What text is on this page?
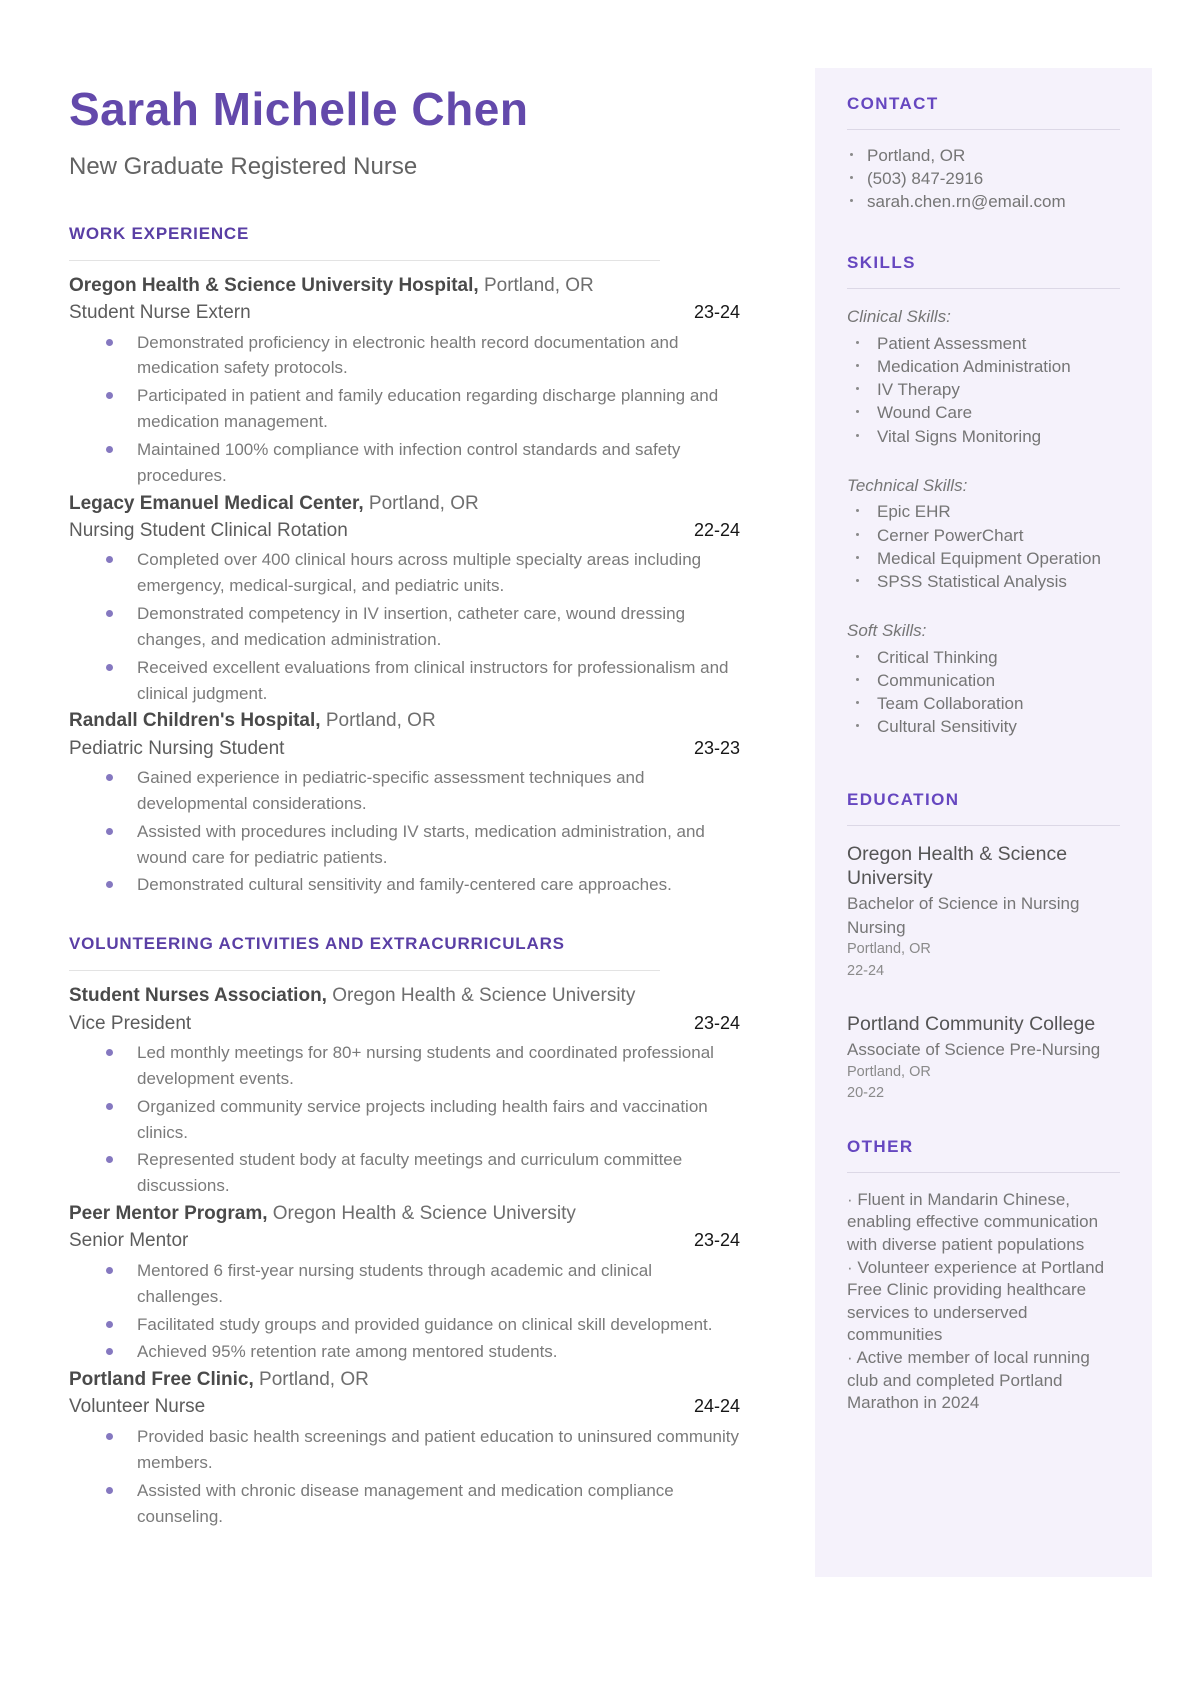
Sarah Michelle Chen
New Graduate Registered Nurse
WORK EXPERIENCE
Oregon Health & Science University Hospital, Portland, OR
Student Nurse Extern	23-24
Demonstrated proficiency in electronic health record documentation and medication safety protocols.
Participated in patient and family education regarding discharge planning and medication management.
Maintained 100% compliance with infection control standards and safety procedures.
Legacy Emanuel Medical Center, Portland, OR
Nursing Student Clinical Rotation	22-24
Completed over 400 clinical hours across multiple specialty areas including emergency, medical-surgical, and pediatric units.
Demonstrated competency in IV insertion, catheter care, wound dressing changes, and medication administration.
Received excellent evaluations from clinical instructors for professionalism and clinical judgment.
Randall Children's Hospital, Portland, OR
Pediatric Nursing Student	23-23
Gained experience in pediatric-specific assessment techniques and developmental considerations.
Assisted with procedures including IV starts, medication administration, and wound care for pediatric patients.
Demonstrated cultural sensitivity and family-centered care approaches.
VOLUNTEERING ACTIVITIES AND EXTRACURRICULARS
Student Nurses Association, Oregon Health & Science University
Vice President	23-24
Led monthly meetings for 80+ nursing students and coordinated professional development events.
Organized community service projects including health fairs and vaccination clinics.
Represented student body at faculty meetings and curriculum committee discussions.
Peer Mentor Program, Oregon Health & Science University
Senior Mentor	23-24
Mentored 6 first-year nursing students through academic and clinical challenges.
Facilitated study groups and provided guidance on clinical skill development.
Achieved 95% retention rate among mentored students.
Portland Free Clinic, Portland, OR
Volunteer Nurse	24-24
Provided basic health screenings and patient education to uninsured community members.
Assisted with chronic disease management and medication compliance counseling.
CONTACT
Portland, OR
(503) 847-2916
sarah.chen.rn@email.com
SKILLS
Clinical Skills:
Patient Assessment
Medication Administration
IV Therapy
Wound Care
Vital Signs Monitoring
Technical Skills:
Epic EHR
Cerner PowerChart
Medical Equipment Operation
SPSS Statistical Analysis
Soft Skills:
Critical Thinking
Communication
Team Collaboration
Cultural Sensitivity
EDUCATION
Oregon Health & Science University
Bachelor of Science in Nursing
Nursing
Portland, OR
22-24
Portland Community College
Associate of Science Pre-Nursing
Portland, OR
20-22
OTHER
· Fluent in Mandarin Chinese, enabling effective communication with diverse patient populations
· Volunteer experience at Portland Free Clinic providing healthcare services to underserved communities
· Active member of local running club and completed Portland Marathon in 2024
